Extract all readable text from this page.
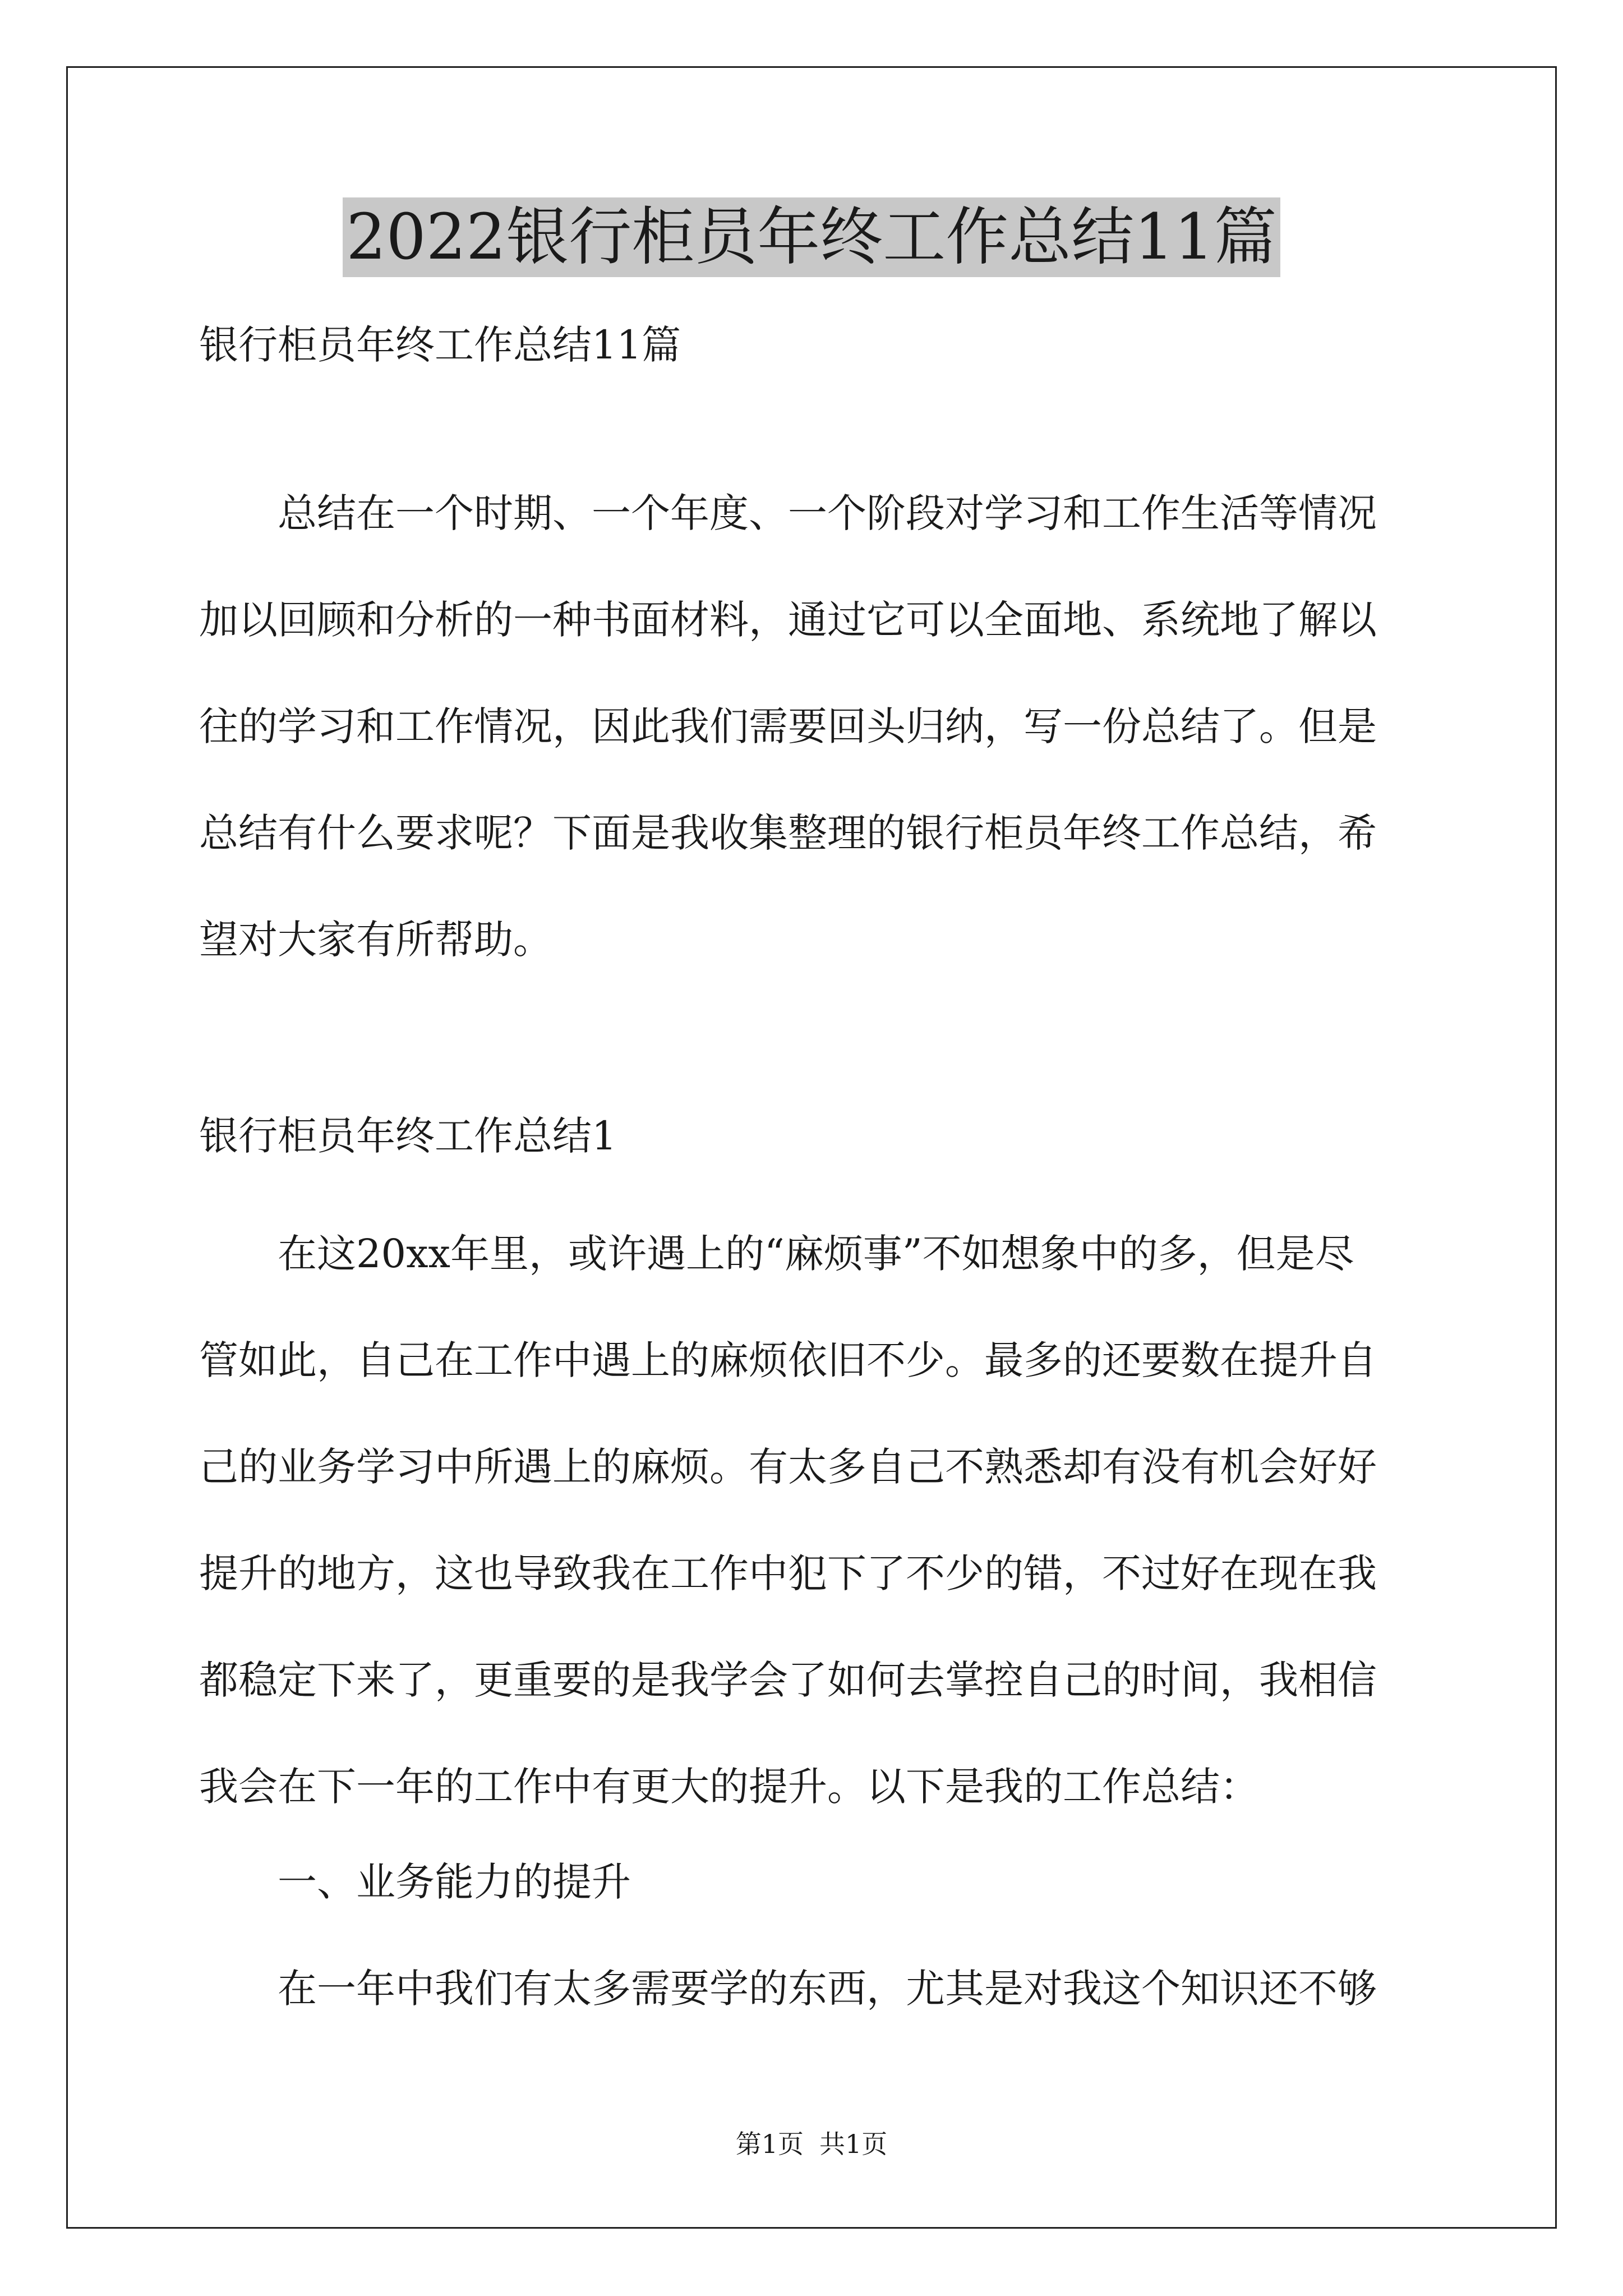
2022银行柜员年终工作总结11篇
银行柜员年终工作总结11篇
总结在一个时期、一个年度、一个阶段对学习和工作生活等情况
加以回顾和分析的一种书面材料，通过它可以全面地、系统地了解以
往的学习和工作情况，因此我们需要回头归纳，写一份总结了。但是
总结有什么要求呢？下面是我收集整理的银行柜员年终工作总结，希
望对大家有所帮助。
银行柜员年终工作总结1
在这20xx年里，或许遇上的“麻烦事”不如想象中的多，但是尽
管如此，自己在工作中遇上的麻烦依旧不少。最多的还要数在提升自
己的业务学习中所遇上的麻烦。有太多自己不熟悉却有没有机会好好
提升的地方，这也导致我在工作中犯下了不少的错，不过好在现在我
都稳定下来了，更重要的是我学会了如何去掌控自己的时间，我相信
我会在下一年的工作中有更大的提升。以下是我的工作总结：
一、业务能力的提升
在一年中我们有太多需要学的东西，尤其是对我这个知识还不够
第1页 共1页
